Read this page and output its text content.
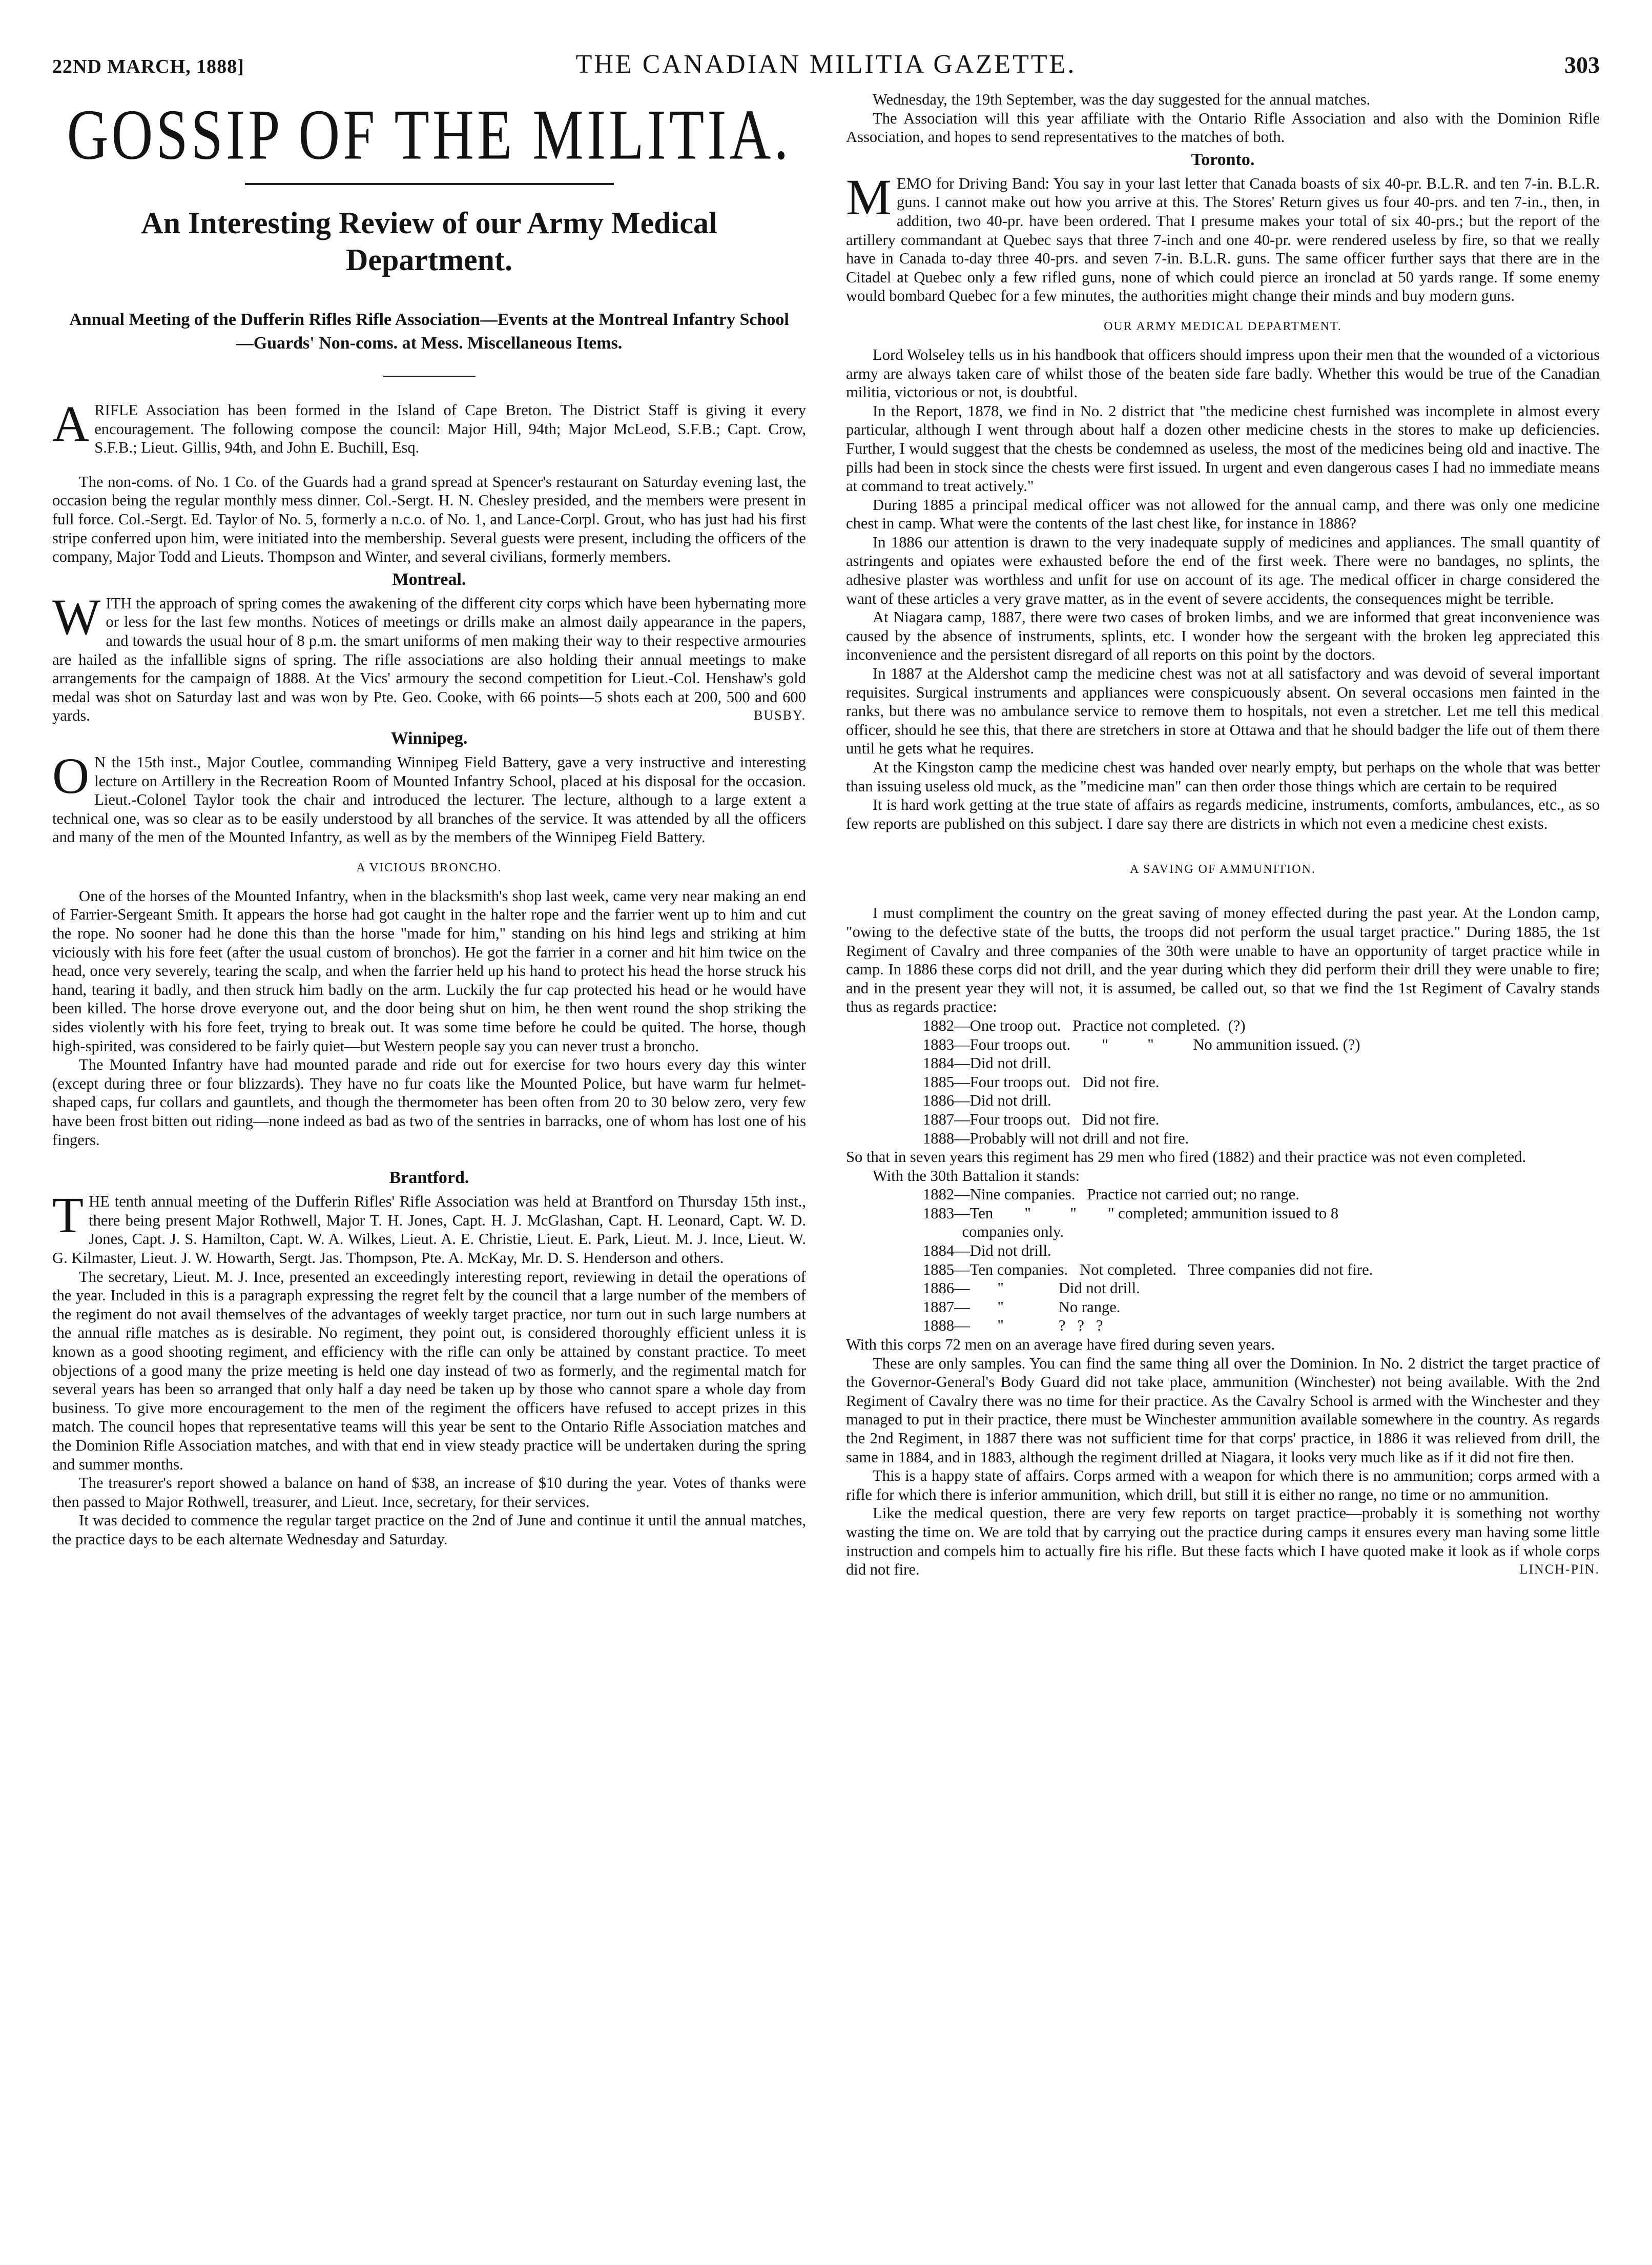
22ND MARCH, 1888]	THE CANADIAN MILITIA GAZETTE.	303
GOSSIP OF THE MILITIA.
An Interesting Review of our Army Medical Department.
Annual Meeting of the Dufferin Rifles Rifle Association—Events at the Montreal Infantry School—Guards' Non-coms. at Mess. Miscellaneous Items.

ARIFLE Association has been formed in the Island of Cape Breton. The District Staff is giving it every encouragement. The following compose the council: Major Hill, 94th; Major McLeod, S.F.B.; Capt. Crow, S.F.B.; Lieut. Gillis, 94th, and John E. Buchill, Esq.

The non-coms. of No. 1 Co. of the Guards had a grand spread at Spencer's restaurant on Saturday evening last, the occasion being the regular monthly mess dinner. Col.-Sergt. H. N. Chesley presided, and the members were present in full force. Col.-Sergt. Ed. Taylor of No. 5, formerly a n.c.o. of No. 1, and Lance-Corpl. Grout, who has just had his first stripe conferred upon him, were initiated into the membership. Several guests were present, including the officers of the company, Major Todd and Lieuts. Thompson and Winter, and several civilians, formerly members.

Montreal.

WITH the approach of spring comes the awakening of the different city corps which have been hybernating more or less for the last few months. Notices of meetings or drills make an almost daily appearance in the papers, and towards the usual hour of 8 p.m. the smart uniforms of men making their way to their respective armouries are hailed as the infallible signs of spring. The rifle associations are also holding their annual meetings to make arrangements for the campaign of 1888. At the Vics' armoury the second competition for Lieut.-Col. Henshaw's gold medal was shot on Saturday last and was won by Pte. Geo. Cooke, with 66 points—5 shots each at 200, 500 and 600 yards.	BUSBY.

Winnipeg.

O N the 15th inst., Major Coutlee, commanding Winnipeg Field Battery, gave a very instructive and interesting lecture on Artillery in the Recreation Room of Mounted Infantry School, placed at his disposal for the occasion. Lieut.-Colonel Taylor took the chair and introduced the lecturer. The lecture, although to a large extent a technical one, was so clear as to be easily understood by all branches of the service. It was attended by all the officers and many of the men of the Mounted Infantry, as well as by the members of the Winnipeg Field Battery.

A VICIOUS BRONCHO.

One of the horses of the Mounted Infantry, when in the blacksmith's shop last week, came very near making an end of Farrier-Sergeant Smith. It appears the horse had got caught in the halter rope and the farrier went up to him and cut the rope. No sooner had he done this than the horse "made for him," standing on his hind legs and striking at him viciously with his fore feet (after the usual custom of bronchos). He got the farrier in a corner and hit him twice on the head, once very severely, tearing the scalp, and when the farrier held up his hand to protect his head the horse struck his hand, tearing it badly, and then struck him badly on the arm. Luckily the fur cap protected his head or he would have been killed. The horse drove everyone out, and the door being shut on him, he then went round the shop striking the sides violently with his fore feet, trying to break out. It was some time before he could be quited. The horse, though high-spirited, was considered to be fairly quiet—but Western people say you can never trust a broncho.

The Mounted Infantry have had mounted parade and ride out for exercise for two hours every day this winter (except during three or four blizzards). They have no fur coats like the Mounted Police, but have warm fur helmet-shaped caps, fur collars and gauntlets, and though the thermometer has been often from 20 to 30 below zero, very few have been frost bitten out riding—none indeed as bad as two of the sentries in barracks, one of whom has lost one of his fingers.

Brantford.

THE tenth annual meeting of the Dufferin Rifles' Rifle Association was held at Brantford on Thursday 15th inst., there being present Major Rothwell, Major T. H. Jones, Capt. H. J. McGlashan, Capt. H. Leonard, Capt. W. D. Jones, Capt. J. S. Hamilton, Capt. W. A. Wilkes, Lieut. A. E. Christie, Lieut. E. Park, Lieut. M. J. Ince, Lieut. W. G. Kilmaster, Lieut. J. W. Howarth, Sergt. Jas. Thompson, Pte. A. McKay, Mr. D. S. Henderson and others.

The secretary, Lieut. M. J. Ince, presented an exceedingly interesting report, reviewing in detail the operations of the year. Included in this is a paragraph expressing the regret felt by the council that a large number of the members of the regiment do not avail themselves of the advantages of weekly target practice, nor turn out in such large numbers at the annual rifle matches as is desirable. No regiment, they point out, is considered thoroughly efficient unless it is known as a good shooting regiment, and efficiency with the rifle can only be attained by constant practice. To meet objections of a good many the prize meeting is held one day instead of two as formerly, and the regimental match for several years has been so arranged that only half a day need be taken up by those who cannot spare a whole day from business. To give more encouragement to the men of the regiment the officers have refused to accept prizes in this match. The council hopes that representative teams will this year be sent to the Ontario Rifle Association matches and the Dominion Rifle Association matches, and with that end in view steady practice will be undertaken during the spring and summer months.

The treasurer's report showed a balance on hand of $38, an increase of $10 during the year. Votes of thanks were then passed to Major Rothwell, treasurer, and Lieut. Ince, secretary, for their services.

It was decided to commence the regular target practice on the 2nd of June and continue it until the annual matches, the practice days to be each alternate Wednesday and Saturday.

Wednesday, the 19th September, was the day suggested for the annual matches.

The Association will this year affiliate with the Ontario Rifle Association and also with the Dominion Rifle Association, and hopes to send representatives to the matches of both.

Toronto.

MEMO for Driving Band: You say in your last letter that Canada boasts of six 40-pr. B.L.R. and ten 7-in. B.L.R. guns. I cannot make out how you arrive at this. The Stores' Return gives us four 40-prs. and ten 7-in., then, in addition, two 40-pr. have been ordered. That I presume makes your total of six 40-prs.; but the report of the artillery commandant at Quebec says that three 7-inch and one 40-pr. were rendered useless by fire, so that we really have in Canada to-day three 40-prs. and seven 7-in. B.L.R. guns. The same officer further says that there are in the Citadel at Quebec only a few rifled guns, none of which could pierce an ironclad at 50 yards range. If some enemy would bombard Quebec for a few minutes, the authorities might change their minds and buy modern guns.

OUR ARMY MEDICAL DEPARTMENT.

Lord Wolseley tells us in his handbook that officers should impress upon their men that the wounded of a victorious army are always taken care of whilst those of the beaten side fare badly. Whether this would be true of the Canadian militia, victorious or not, is doubtful.

In the Report, 1878, we find in No. 2 district that "the medicine chest furnished was incomplete in almost every particular, although I went through about half a dozen other medicine chests in the stores to make up deficiencies. Further, I would suggest that the chests be condemned as useless, the most of the medicines being old and inactive. The pills had been in stock since the chests were first issued. In urgent and even dangerous cases I had no immediate means at command to treat actively."

During 1885 a principal medical officer was not allowed for the annual camp, and there was only one medicine chest in camp. What were the contents of the last chest like, for instance in 1886?

In 1886 our attention is drawn to the very inadequate supply of medicines and appliances. The small quantity of astringents and opiates were exhausted before the end of the first week. There were no bandages, no splints, the adhesive plaster was worthless and unfit for use on account of its age. The medical officer in charge considered the want of these articles a very grave matter, as in the event of severe accidents, the consequences might be terrible.

At Niagara camp, 1887, there were two cases of broken limbs, and we are informed that great inconvenience was caused by the absence of instruments, splints, etc. I wonder how the sergeant with the broken leg appreciated this inconvenience and the persistent disregard of all reports on this point by the doctors.

In 1887 at the Aldershot camp the medicine chest was not at all satisfactory and was devoid of several important requisites. Surgical instruments and appliances were conspicuously absent. On several occasions men fainted in the ranks, but there was no ambulance service to remove them to hospitals, not even a stretcher. Let me tell this medical officer, should he see this, that there are stretchers in store at Ottawa and that he should badger the life out of them there until he gets what he requires.

At the Kingston camp the medicine chest was handed over nearly empty, but perhaps on the whole that was better than issuing useless old muck, as the "medicine man" can then order those things which are certain to be required

It is hard work getting at the true state of affairs as regards medicine, instruments, comforts, ambulances, etc., as so few reports are published on this subject. I dare say there are districts in which not even a medicine chest exists.

A SAVING OF AMMUNITION.

I must compliment the country on the great saving of money effected during the past year. At the London camp, "owing to the defective state of the butts, the troops did not perform the usual target practice." During 1885, the 1st Regiment of Cavalry and three companies of the 30th were unable to have an opportunity of target practice while in camp. In 1886 these corps did not drill, and the year during which they did perform their drill they were unable to fire; and in the present year they will not, it is assumed, be called out, so that we find the 1st Regiment of Cavalry stands thus as regards practice:

1882—One troop out.   Practice not completed.  (?)
1883—Four troops out.        "          "          No ammunition issued. (?)
1884—Did not drill.
1885—Four troops out.   Did not fire.
1886—Did not drill.
1887—Four troops out.   Did not fire.
1888—Probably will not drill and not fire.

So that in seven years this regiment has 29 men who fired (1882) and their practice was not even completed.

With the 30th Battalion it stands:

1882—Nine companies.   Practice not carried out; no range.
1883—Ten        "          "        " completed; ammunition issued to 8
companies only.
1884—Did not drill.
1885—Ten companies.   Not completed.   Three companies did not fire.
1886—       "              Did not drill.
1887—       "              No range.
1888—       "              ?   ?   ?

With this corps 72 men on an average have fired during seven years.

These are only samples. You can find the same thing all over the Dominion. In No. 2 district the target practice of the Governor-General's Body Guard did not take place, ammunition (Winchester) not being available. With the 2nd Regiment of Cavalry there was no time for their practice. As the Cavalry School is armed with the Winchester and they managed to put in their practice, there must be Winchester ammunition available somewhere in the country. As regards the 2nd Regiment, in 1887 there was not sufficient time for that corps' practice, in 1886 it was relieved from drill, the same in 1884, and in 1883, although the regiment drilled at Niagara, it looks very much like as if it did not fire then.

This is a happy state of affairs. Corps armed with a weapon for which there is no ammunition; corps armed with a rifle for which there is inferior ammunition, which drill, but still it is either no range, no time or no ammunition.

Like the medical question, there are very few reports on target practice—probably it is something not worthy wasting the time on. We are told that by carrying out the practice during camps it ensures every man having some little instruction and compels him to actually fire his rifle. But these facts which I have quoted make it look as if whole corps did not fire.	LINCH-PIN.
